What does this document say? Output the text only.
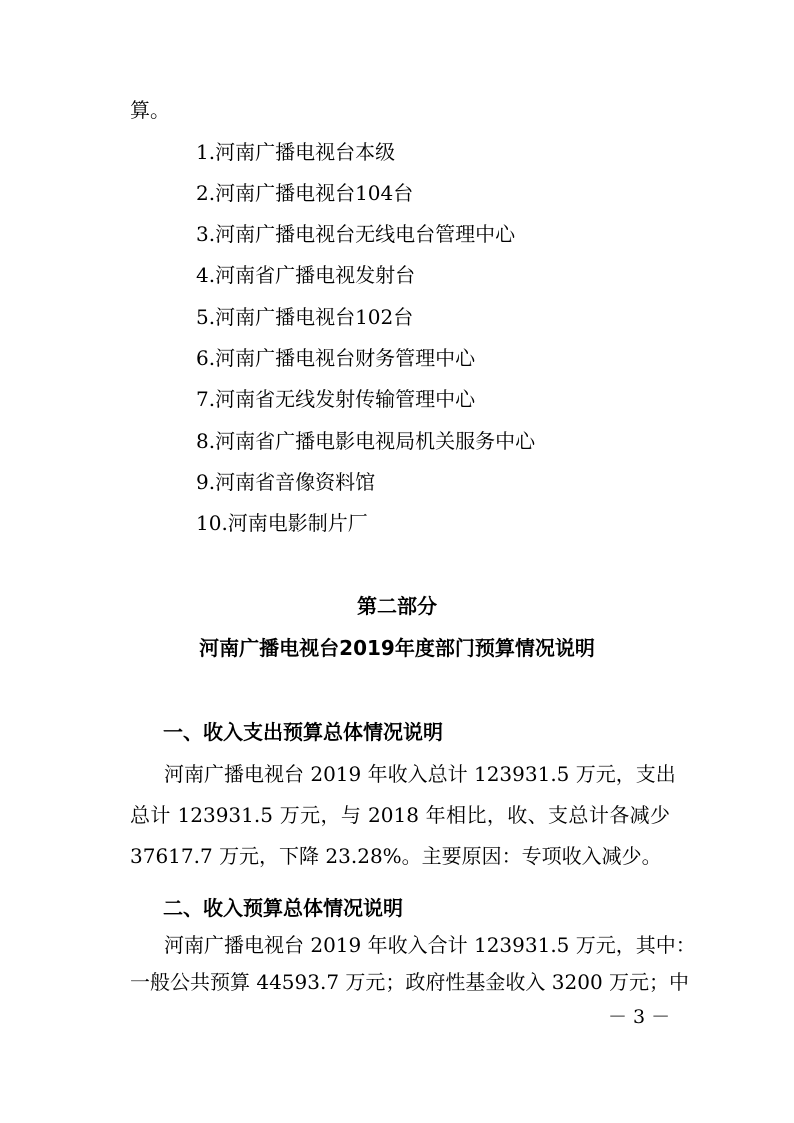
算。
1.河南广播电视台本级
2.河南广播电视台104台
3.河南广播电视台无线电台管理中心
4.河南省广播电视发射台
5.河南广播电视台102台
6.河南广播电视台财务管理中心
7.河南省无线发射传输管理中心
8.河南省广播电影电视局机关服务中心
9.河南省音像资料馆
10.河南电影制片厂
第二部分
河南广播电视台2019年度部门预算情况说明
一、收入支出预算总体情况说明
河南广播电视台 2019 年收入总计 123931.5 万元，支出
总计 123931.5 万元，与 2018 年相比，收、支总计各减少
37617.7 万元，下降 23.28%。主要原因：专项收入减少。
二、收入预算总体情况说明
河南广播电视台 2019 年收入合计 123931.5 万元，其中：
一般公共预算 44593.7 万元；政府性基金收入 3200 万元；中
－ 3 －
